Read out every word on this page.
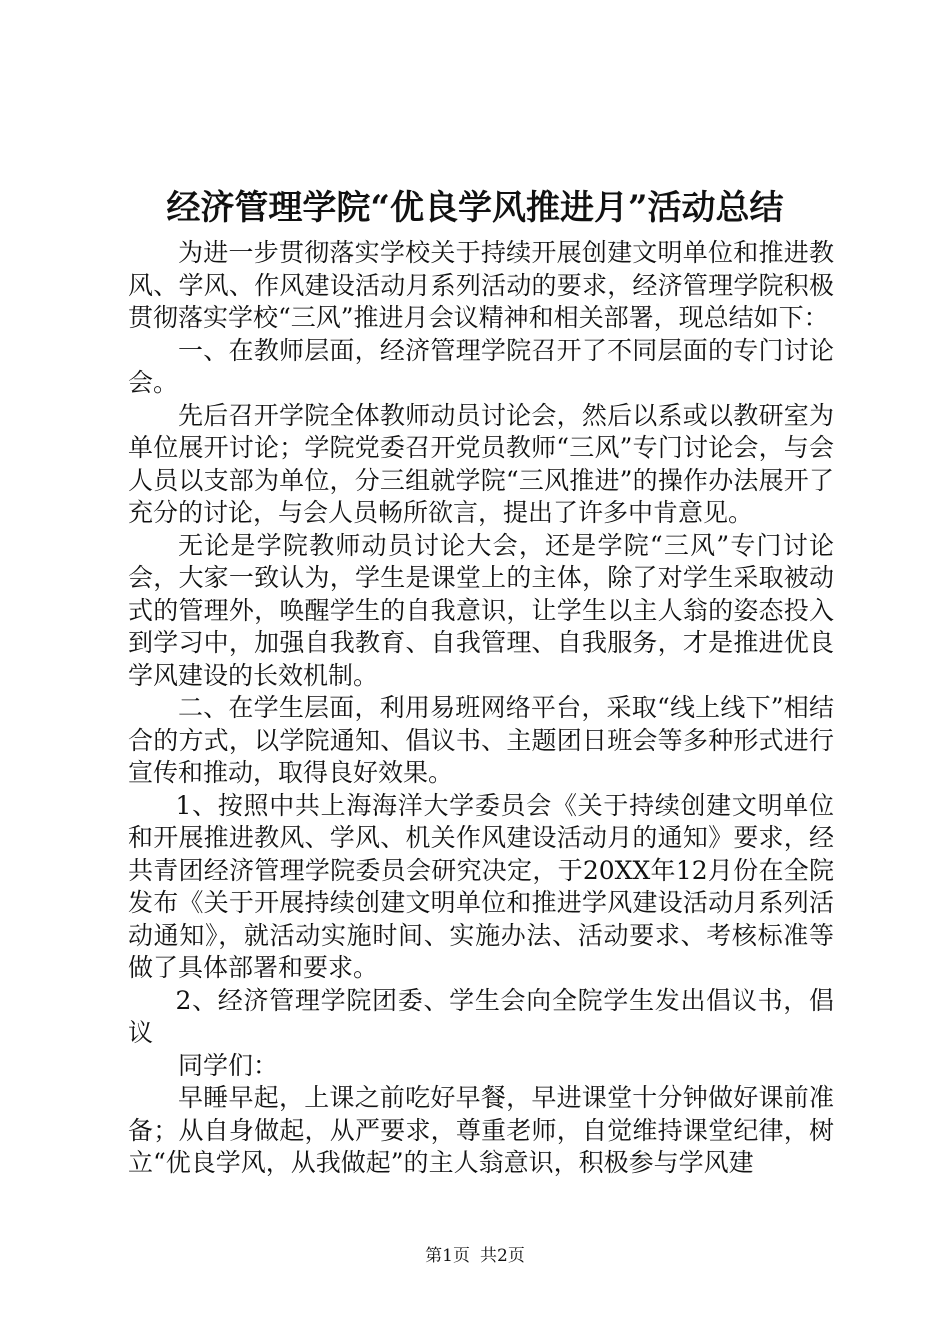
经济管理学院“优良学风推进月”活动总结

为进一步贯彻落实学校关于持续开展创建文明单位和推进教风、学风、作风建设活动月系列活动的要求，经济管理学院积极贯彻落实学校“三风”推进月会议精神和相关部署，现总结如下：

一、在教师层面，经济管理学院召开了不同层面的专门讨论会。

先后召开学院全体教师动员讨论会，然后以系或以教研室为单位展开讨论；学院党委召开党员教师“三风”专门讨论会，与会人员以支部为单位，分三组就学院“三风推进”的操作办法展开了充分的讨论，与会人员畅所欲言，提出了许多中肯意见。

无论是学院教师动员讨论大会，还是学院“三风”专门讨论会，大家一致认为，学生是课堂上的主体，除了对学生采取被动式的管理外，唤醒学生的自我意识，让学生以主人翁的姿态投入到学习中，加强自我教育、自我管理、自我服务，才是推进优良学风建设的长效机制。

二、在学生层面，利用易班网络平台，采取“线上线下”相结合的方式，以学院通知、倡议书、主题团日班会等多种形式进行宣传和推动，取得良好效果。

1、按照中共上海海洋大学委员会《关于持续创建文明单位和开展推进教风、学风、机关作风建设活动月的通知》要求，经共青团经济管理学院委员会研究决定，于20XX年12月份在全院发布《关于开展持续创建文明单位和推进学风建设活动月系列活动通知》，就活动实施时间、实施办法、活动要求、考核标准等做了具体部署和要求。

2、经济管理学院团委、学生会向全院学生发出倡议书，倡议

同学们：

早睡早起，上课之前吃好早餐，早进课堂十分钟做好课前准备；从自身做起，从严要求，尊重老师，自觉维持课堂纪律，树立“优良学风，从我做起”的主人翁意识，积极参与学风建

第1页 共2页
